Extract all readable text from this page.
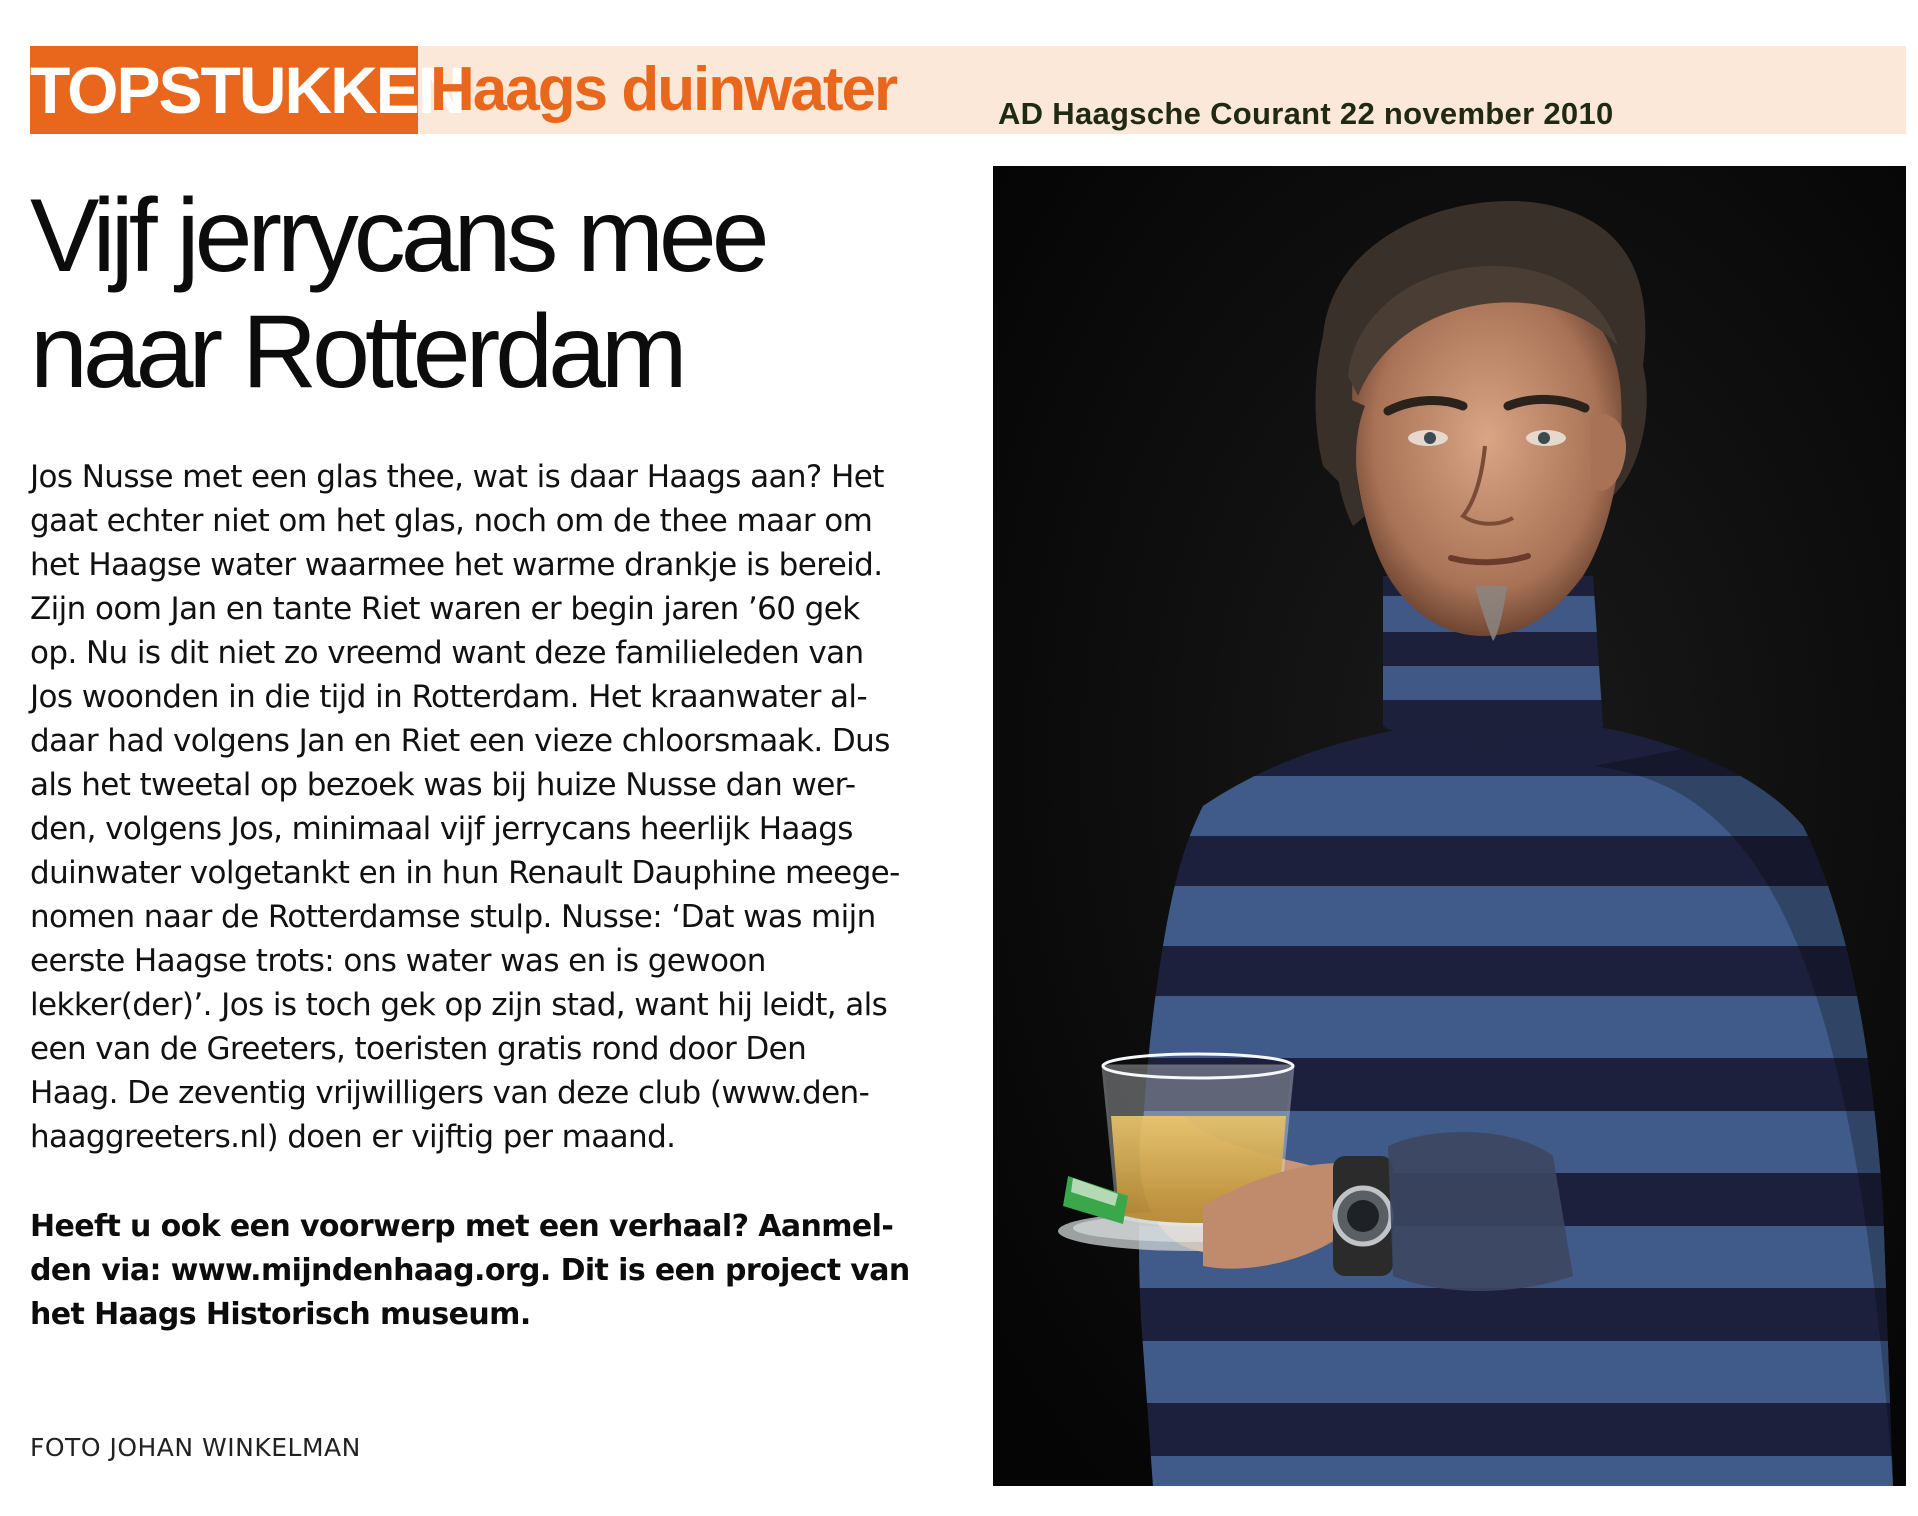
TOPSTUKKEN
Haags duinwater	AD Haagsche Courant 22 november 2010
Vijf jerrycans mee
naar Rotterdam
Jos Nusse met een glas thee, wat is daar Haags aan? Het
gaat echter niet om het glas, noch om de thee maar om
het Haagse water waarmee het warme drankje is bereid.
Zijn oom Jan en tante Riet waren er begin jaren ’60 gek
op. Nu is dit niet zo vreemd want deze familieleden van
Jos woonden in die tijd in Rotterdam. Het kraanwater al-
daar had volgens Jan en Riet een vieze chloorsmaak. Dus
als het tweetal op bezoek was bij huize Nusse dan wer-
den, volgens Jos, minimaal vijf jerrycans heerlijk Haags
duinwater volgetankt en in hun Renault Dauphine meege-
nomen naar de Rotterdamse stulp. Nusse: ‘Dat was mijn
eerste Haagse trots: ons water was en is gewoon
lekker(der)’. Jos is toch gek op zijn stad, want hij leidt, als
een van de Greeters, toeristen gratis rond door Den
Haag. De zeventig vrijwilligers van deze club (www.den-
haaggreeters.nl) doen er vijftig per maand.
Heeft u ook een voorwerp met een verhaal? Aanmel-
den via: www.mijndenhaag.org. Dit is een project van
het Haags Historisch museum.
FOTO JOHAN WINKELMAN
